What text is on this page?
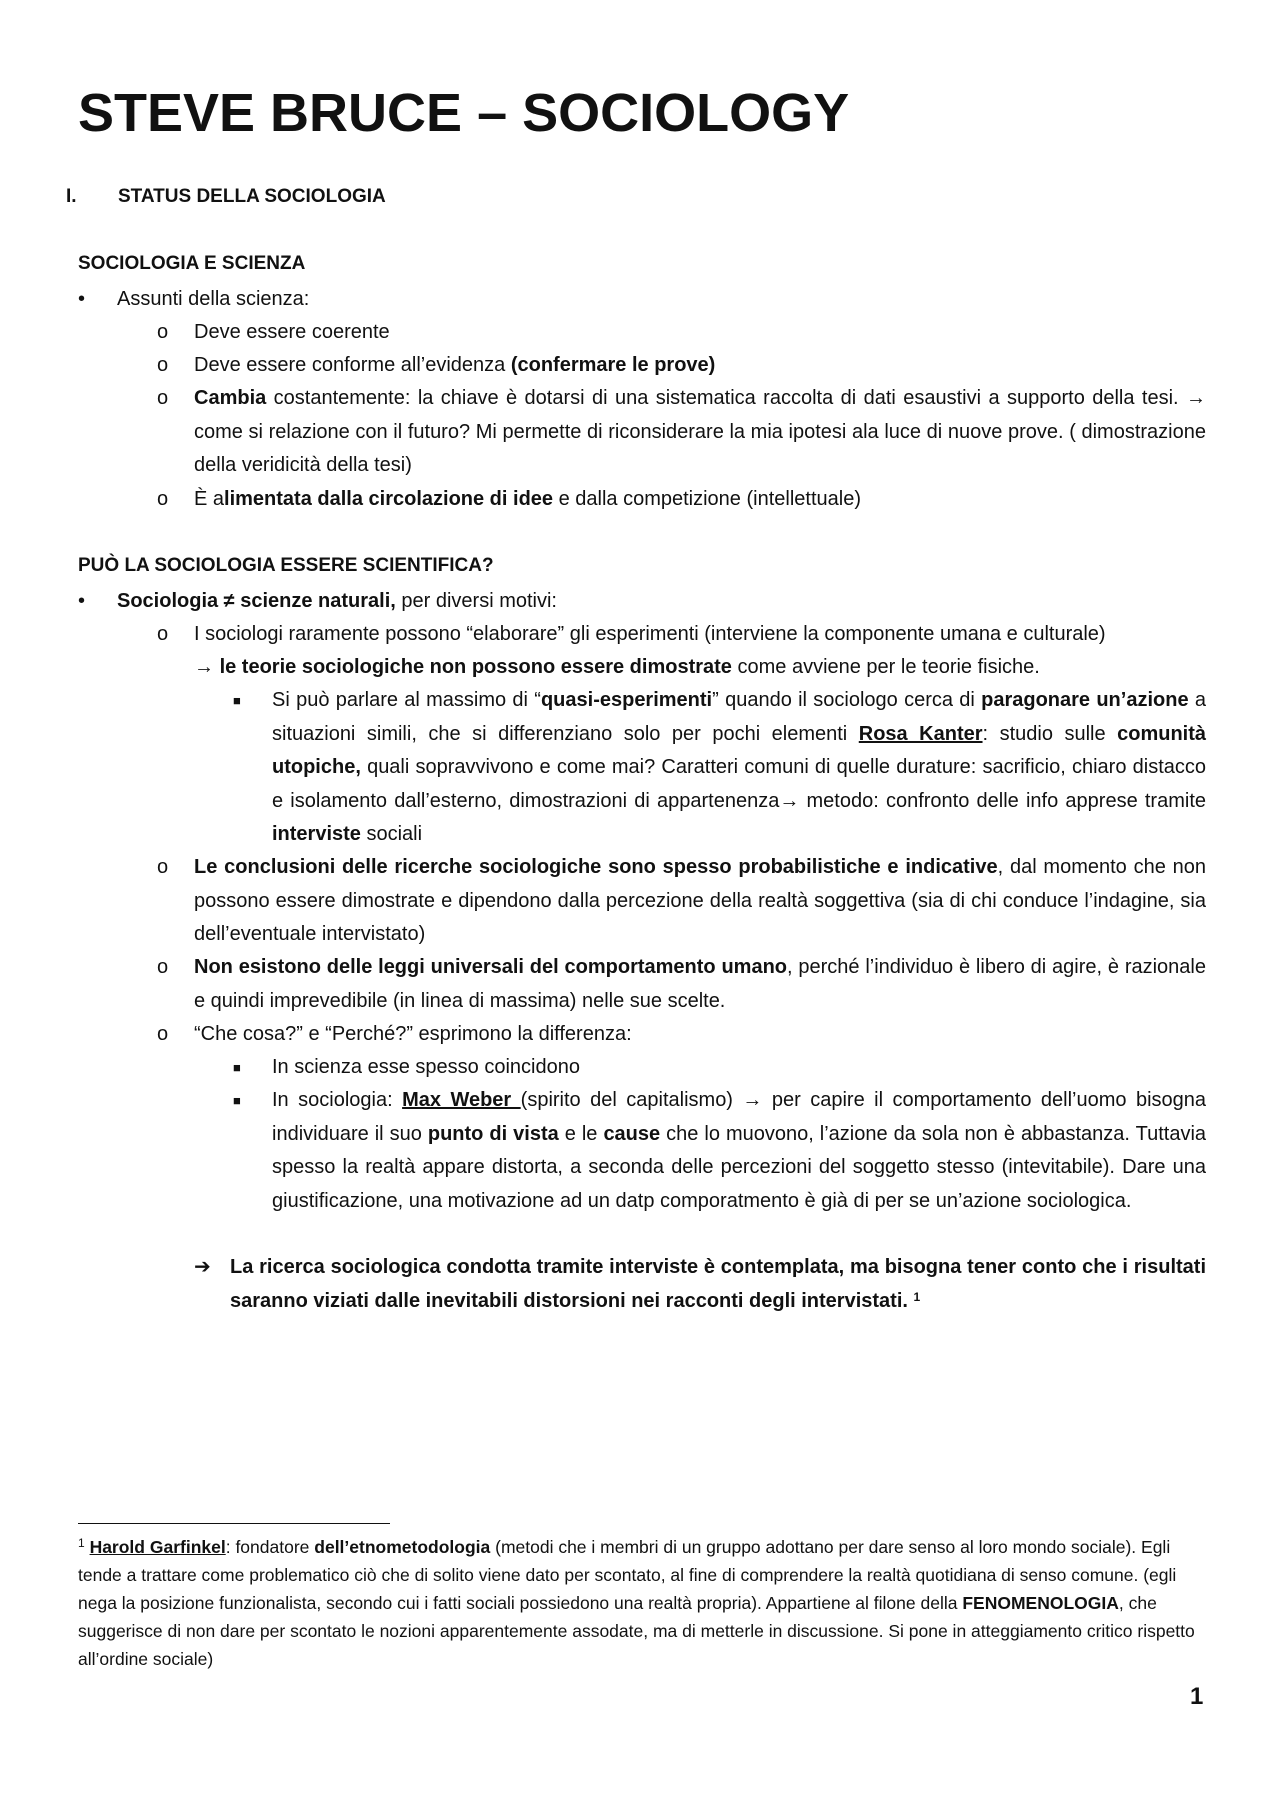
STEVE BRUCE – SOCIOLOGY
I. STATUS DELLA SOCIOLOGIA
SOCIOLOGIA E SCIENZA
• Assunti della scienza:
o Deve essere coerente
o Deve essere conforme all’evidenza (confermare le prove)
o Cambia costantemente: la chiave è dotarsi di una sistematica raccolta di dati esaustivi a supporto della tesi. → come si relazione con il futuro? Mi permette di riconsiderare la mia ipotesi ala luce di nuove prove. ( dimostrazione della veridicità della tesi)
o È alimentata dalla circolazione di idee e dalla competizione (intellettuale)
PUÒ LA SOCIOLOGIA ESSERE SCIENTIFICA?
• Sociologia ≠ scienze naturali, per diversi motivi:
o I sociologi raramente possono “elaborare” gli esperimenti (interviene la componente umana e culturale)
→ le teorie sociologiche non possono essere dimostrate come avviene per le teorie fisiche.
■ Si può parlare al massimo di “quasi-esperimenti” quando il sociologo cerca di paragonare un’azione a situazioni simili, che si differenziano solo per pochi elementi Rosa Kanter: studio sulle comunità utopiche, quali sopravvivono e come mai? Caratteri comuni di quelle durature: sacrificio, chiaro distacco e isolamento dall’esterno, dimostrazioni di appartenenza→ metodo: confronto delle info apprese tramite interviste sociali
o Le conclusioni delle ricerche sociologiche sono spesso probabilistiche e indicative, dal momento che non possono essere dimostrate e dipendono dalla percezione della realtà soggettiva (sia di chi conduce l’indagine, sia dell’eventuale intervistato)
o Non esistono delle leggi universali del comportamento umano, perché l’individuo è libero di agire, è razionale e quindi imprevedibile (in linea di massima) nelle sue scelte.
o “Che cosa?” e “Perché?” esprimono la differenza:
■ In scienza esse spesso coincidono
■ In sociologia: Max Weber (spirito del capitalismo) → per capire il comportamento dell’uomo bisogna individuare il suo punto di vista e le cause che lo muovono, l’azione da sola non è abbastanza. Tuttavia spesso la realtà appare distorta, a seconda delle percezioni del soggetto stesso (intevitabile). Dare una giustificazione, una motivazione ad un datp comporatmento è già di per se un’azione sociologica.
➔ La ricerca sociologica condotta tramite interviste è contemplata, ma bisogna tener conto che i risultati saranno viziati dalle inevitabili distorsioni nei racconti degli intervistati. $^1$
$^1$ Harold Garfinkel: fondatore dell’etnometodologia (metodi che i membri di un gruppo adottano per dare senso al loro mondo sociale). Egli tende a trattare come problematico ciò che di solito viene dato per scontato, al fine di comprendere la realtà quotidiana di senso comune. (egli nega la posizione funzionalista, secondo cui i fatti sociali possiedono una realtà propria). Appartiene al filone della FENOMENOLOGIA, che suggerisce di non dare per scontato le nozioni apparentemente assodate, ma di metterle in discussione. Si pone in atteggiamento critico rispetto all’ordine sociale)
1
